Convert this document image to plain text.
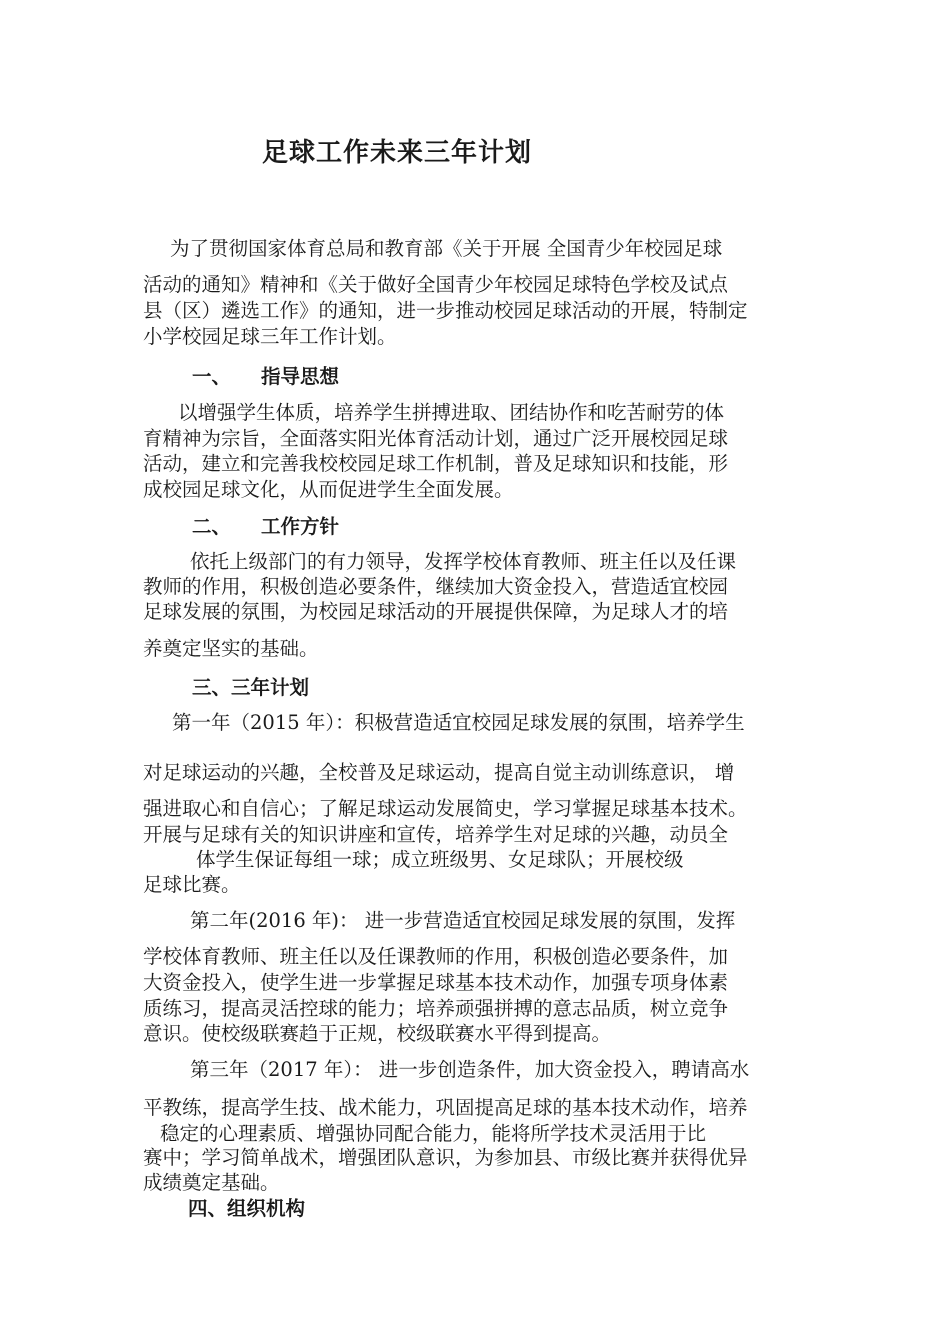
足球工作未来三年计划
为了贯彻国家体育总局和教育部《关于开展 全国青少年校园足球
活动的通知》精神和《关于做好全国青少年校园足球特色学校及试点
县（区）遴选工作》的通知，进一步推动校园足球活动的开展，特制定
小学校园足球三年工作计划。
一、 指导思想
以增强学生体质，培养学生拼搏进取、团结协作和吃苦耐劳的体
育精神为宗旨，全面落实阳光体育活动计划，通过广泛开展校园足球
活动，建立和完善我校校园足球工作机制，普及足球知识和技能，形
成校园足球文化，从而促进学生全面发展。
二、 工作方针
依托上级部门的有力领导，发挥学校体育教师、班主任以及任课
教师的作用，积极创造必要条件，继续加大资金投入，营造适宜校园
足球发展的氛围，为校园足球活动的开展提供保障，为足球人才的培
养奠定坚实的基础。
三、三年计划
第一年（2015 年）：积极营造适宜校园足球发展的氛围，培养学生
对足球运动的兴趣，全校普及足球运动，提高自觉主动训练意识， 增
强进取心和自信心；了解足球运动发展简史，学习掌握足球基本技术。
开展与足球有关的知识讲座和宣传，培养学生对足球的兴趣，动员全
体学生保证每组一球；成立班级男、女足球队；开展校级
足球比赛。
第二年(2016 年)： 进一步营造适宜校园足球发展的氛围，发挥
学校体育教师、班主任以及任课教师的作用，积极创造必要条件，加
大资金投入，使学生进一步掌握足球基本技术动作，加强专项身体素
质练习，提高灵活控球的能力；培养顽强拼搏的意志品质，树立竞争
意识。使校级联赛趋于正规，校级联赛水平得到提高。
第三年（2017 年）： 进一步创造条件，加大资金投入，聘请高水
平教练，提高学生技、战术能力，巩固提高足球的基本技术动作，培养
稳定的心理素质、增强协同配合能力，能将所学技术灵活用于比
赛中；学习简单战术，增强团队意识，为参加县、市级比赛并获得优异
成绩奠定基础。
四、组织机构
